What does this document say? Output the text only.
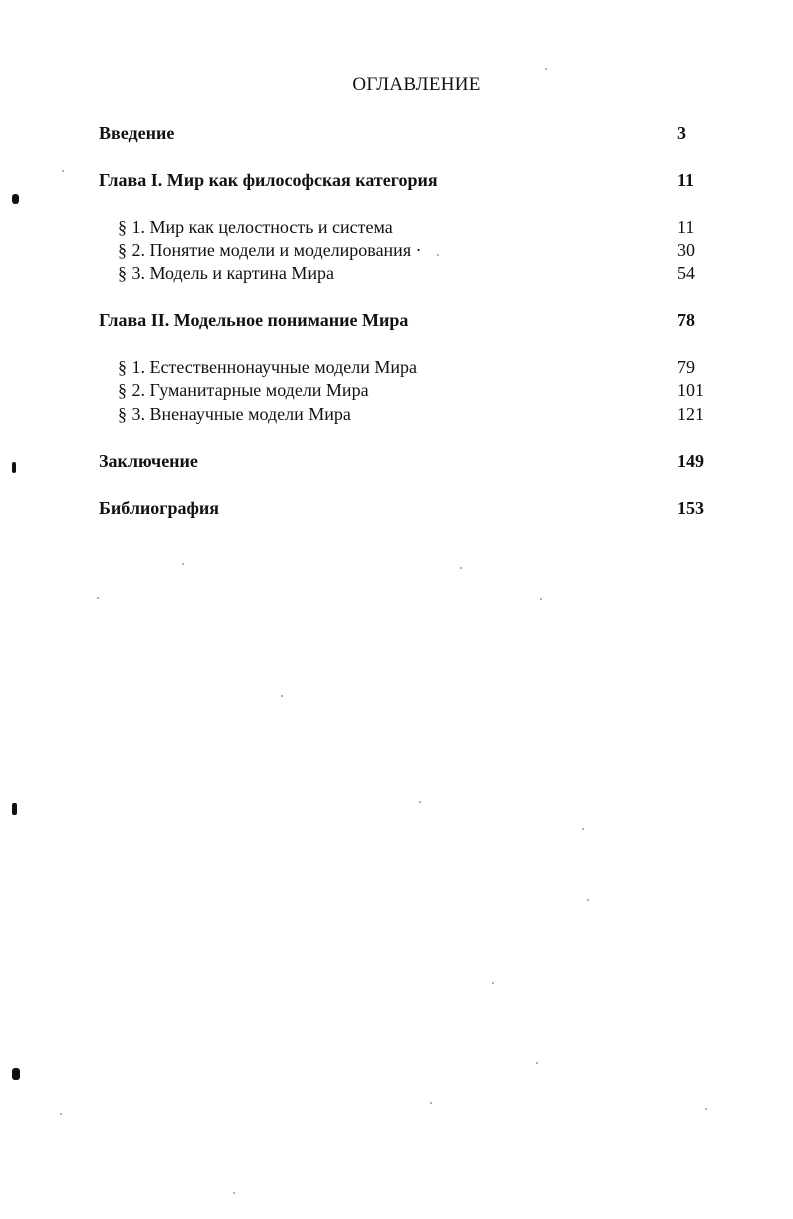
ОГЛАВЛЕНИЕ
Введение	3
Глава I. Мир как философская категория	11
§ 1. Мир как целостность и система	11
§ 2. Понятие модели и моделирования ·	30
§ 3. Модель и картина Мира	54
Глава II. Модельное понимание Мира	78
§ 1. Естественнонаучные модели Мира	79
§ 2. Гуманитарные модели Мира	101
§ 3. Вненаучные модели Мира	121
Заключение	149
Библиография	153
